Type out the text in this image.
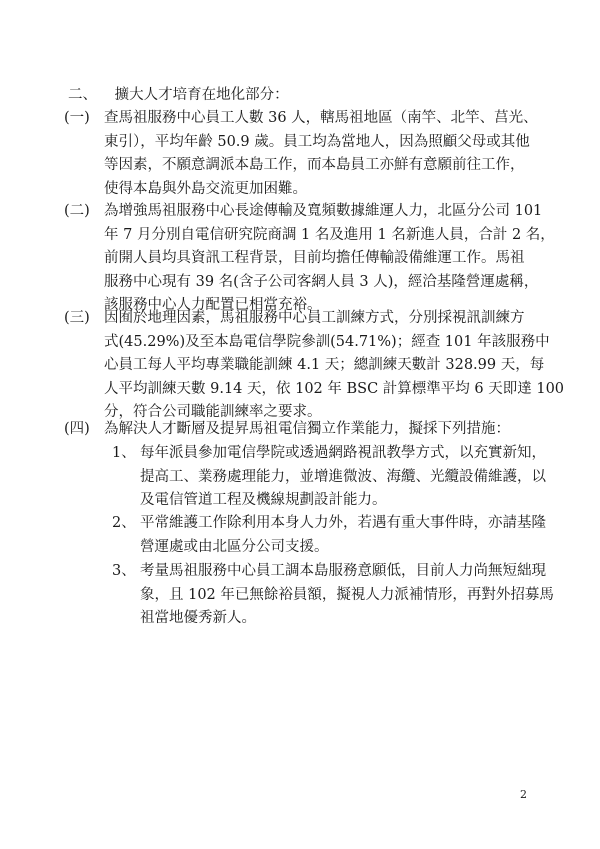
二、 擴大人才培育在地化部分：
(一) 查馬祖服務中心員工人數 36 人，轄馬祖地區（南竿、北竿、莒光、
東引），平均年齡 50.9 歲。員工均為當地人，因為照顧父母或其他
等因素，不願意調派本島工作，而本島員工亦鮮有意願前往工作，
使得本島與外島交流更加困難。
(二) 為增強馬祖服務中心長途傳輸及寬頻數據維運人力，北區分公司 101
年 7 月分別自電信研究院商調 1 名及進用 1 名新進人員，合計 2 名，
前開人員均具資訊工程背景，目前均擔任傳輸設備維運工作。馬祖
服務中心現有 39 名(含子公司客網人員 3 人)，經洽基隆營運處稱，
該服務中心人力配置已相當充裕。
(三) 因囿於地理因素，馬祖服務中心員工訓練方式，分別採視訊訓練方
式(45.29%)及至本島電信學院參訓(54.71%)；經查 101 年該服務中
心員工每人平均專業職能訓練 4.1 天；總訓練天數計 328.99 天，每
人平均訓練天數 9.14 天，依 102 年 BSC 計算標準平均 6 天即達 100
分，符合公司職能訓練率之要求。
(四) 為解決人才斷層及提昇馬祖電信獨立作業能力，擬採下列措施：
1、 每年派員參加電信學院或透過網路視訊教學方式，以充實新知，
提高工、業務處理能力，並增進微波、海纜、光纜設備維護，以
及電信管道工程及機線規劃設計能力。
2、 平常維護工作除利用本身人力外，若遇有重大事件時，亦請基隆
營運處或由北區分公司支援。
3、 考量馬祖服務中心員工調本島服務意願低，目前人力尚無短絀現
象，且 102 年已無餘裕員額，擬視人力派補情形，再對外招募馬
祖當地優秀新人。
2
